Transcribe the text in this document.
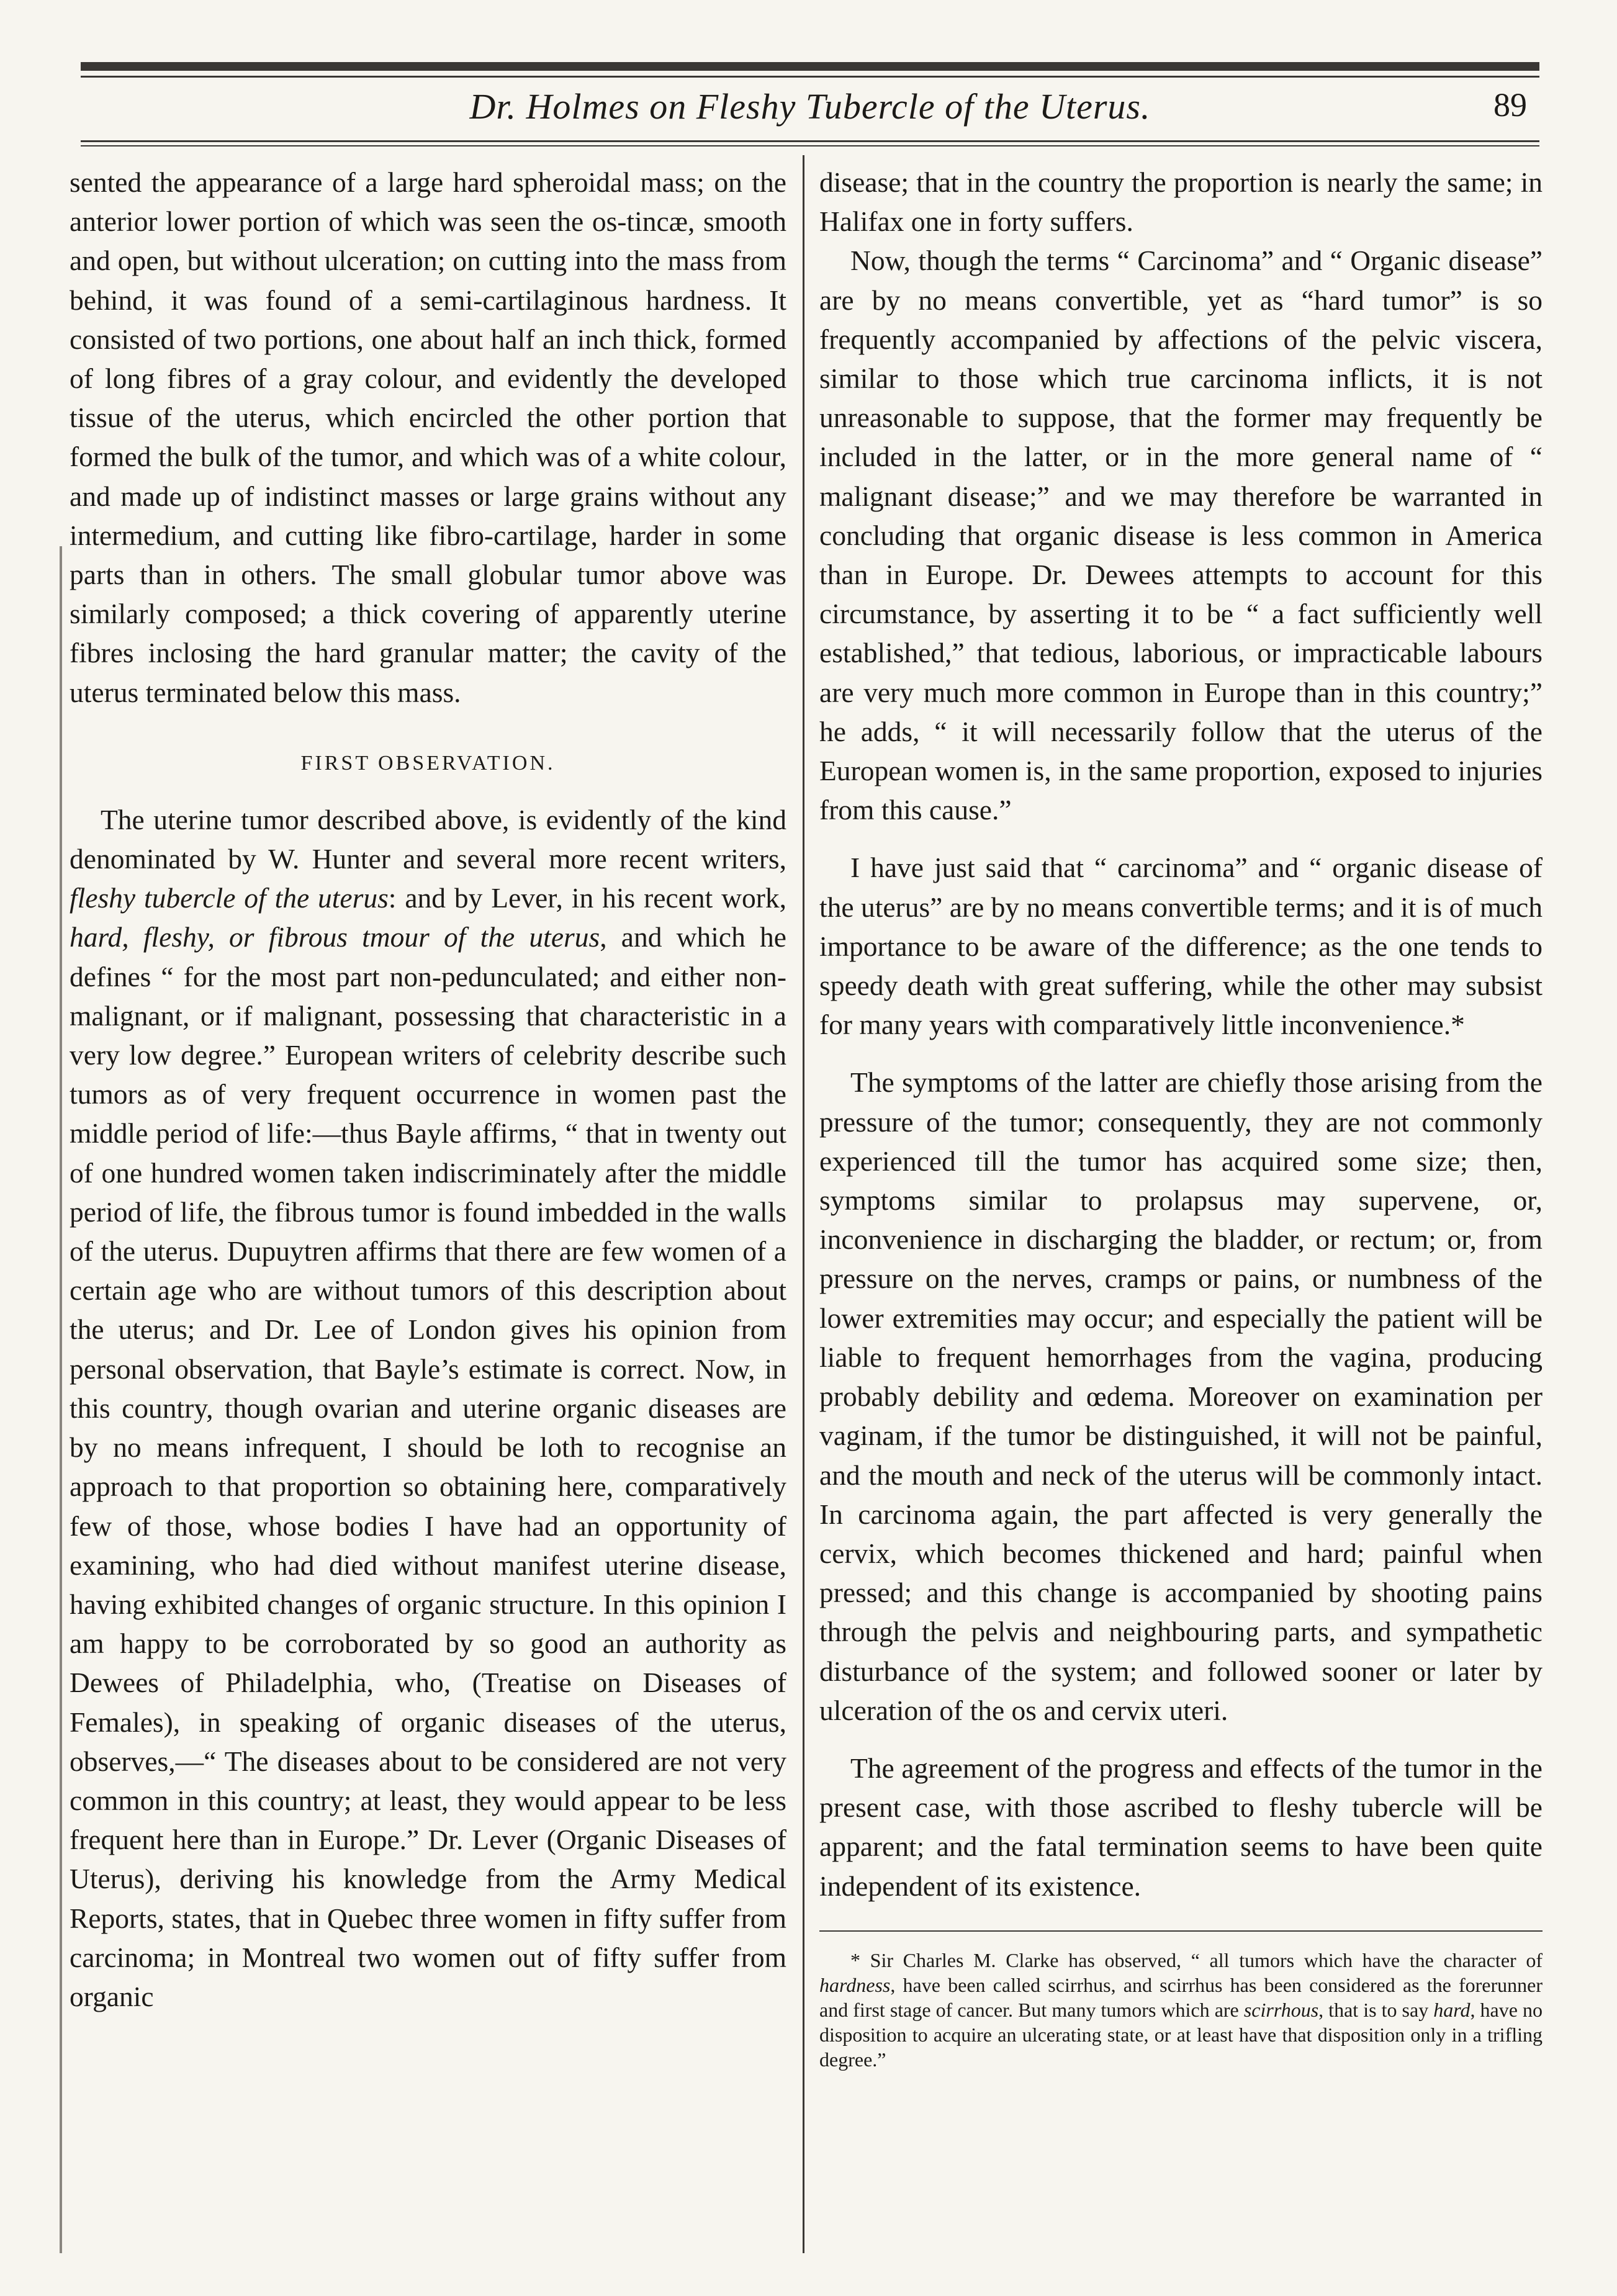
Dr. Holmes on Fleshy Tubercle of the Uterus.	89

sented the appearance of a large hard spheroidal mass; on the anterior lower portion of which was seen the os-tincæ, smooth and open, but without ulceration; on cutting into the mass from behind, it was found of a semi-cartilaginous hardness. It consisted of two portions, one about half an inch thick, formed of long fibres of a gray colour, and evidently the developed tissue of the uterus, which encircled the other portion that formed the bulk of the tumor, and which was of a white colour, and made up of indistinct masses or large grains without any intermedium, and cutting like fibro-cartilage, harder in some parts than in others. The small globular tumor above was similarly composed; a thick covering of apparently uterine fibres inclosing the hard granular matter; the cavity of the uterus terminated below this mass.

FIRST OBSERVATION.

The uterine tumor described above, is evidently of the kind denominated by W. Hunter and several more recent writers, fleshy tubercle of the uterus: and by Lever, in his recent work, hard, fleshy, or fibrous tmour of the uterus, and which he defines “ for the most part non-pedunculated; and either non-malignant, or if malignant, possessing that characteristic in a very low degree.” European writers of celebrity describe such tumors as of very frequent occurrence in women past the middle period of life:—thus Bayle affirms, “ that in twenty out of one hundred women taken indiscriminately after the middle period of life, the fibrous tumor is found imbedded in the walls of the uterus. Dupuytren affirms that there are few women of a certain age who are without tumors of this description about the uterus; and Dr. Lee of London gives his opinion from personal observation, that Bayle’s estimate is correct. Now, in this country, though ovarian and uterine organic diseases are by no means infrequent, I should be loth to recognise an approach to that proportion so obtaining here, comparatively few of those, whose bodies I have had an opportunity of examining, who had died without manifest uterine disease, having exhibited changes of organic structure. In this opinion I am happy to be corroborated by so good an authority as Dewees of Philadelphia, who, (Treatise on Diseases of Females), in speaking of organic diseases of the uterus, observes,—“ The diseases about to be considered are not very common in this country; at least, they would appear to be less frequent here than in Europe.” Dr. Lever (Organic Diseases of Uterus), deriving his knowledge from the Army Medical Reports, states, that in Quebec three women in fifty suffer from carcinoma; in Montreal two women out of fifty suffer from organic

disease; that in the country the proportion is nearly the same; in Halifax one in forty suffers.

Now, though the terms “ Carcinoma” and “ Organic disease” are by no means convertible, yet as “hard tumor” is so frequently accompanied by affections of the pelvic viscera, similar to those which true carcinoma inflicts, it is not unreasonable to suppose, that the former may frequently be included in the latter, or in the more general name of “ malignant disease;” and we may therefore be warranted in concluding that organic disease is less common in America than in Europe. Dr. Dewees attempts to account for this circumstance, by asserting it to be “ a fact sufficiently well established,” that tedious, laborious, or impracticable labours are very much more common in Europe than in this country;” he adds, “ it will necessarily follow that the uterus of the European women is, in the same proportion, exposed to injuries from this cause.”

I have just said that “ carcinoma” and “ organic disease of the uterus” are by no means convertible terms; and it is of much importance to be aware of the difference; as the one tends to speedy death with great suffering, while the other may subsist for many years with comparatively little inconvenience.*

The symptoms of the latter are chiefly those arising from the pressure of the tumor; consequently, they are not commonly experienced till the tumor has acquired some size; then, symptoms similar to prolapsus may supervene, or, inconvenience in discharging the bladder, or rectum; or, from pressure on the nerves, cramps or pains, or numbness of the lower extremities may occur; and especially the patient will be liable to frequent hemorrhages from the vagina, producing probably debility and œdema. Moreover on examination per vaginam, if the tumor be distinguished, it will not be painful, and the mouth and neck of the uterus will be commonly intact. In carcinoma again, the part affected is very generally the cervix, which becomes thickened and hard; painful when pressed; and this change is accompanied by shooting pains through the pelvis and neighbouring parts, and sympathetic disturbance of the system; and followed sooner or later by ulceration of the os and cervix uteri.

The agreement of the progress and effects of the tumor in the present case, with those ascribed to fleshy tubercle will be apparent; and the fatal termination seems to have been quite independent of its existence.

* Sir Charles M. Clarke has observed, “ all tumors which have the character of hardness, have been called scirrhus, and scirrhus has been considered as the forerunner and first stage of cancer. But many tumors which are scirrhous, that is to say hard, have no disposition to acquire an ulcerating state, or at least have that disposition only in a trifling degree.”
